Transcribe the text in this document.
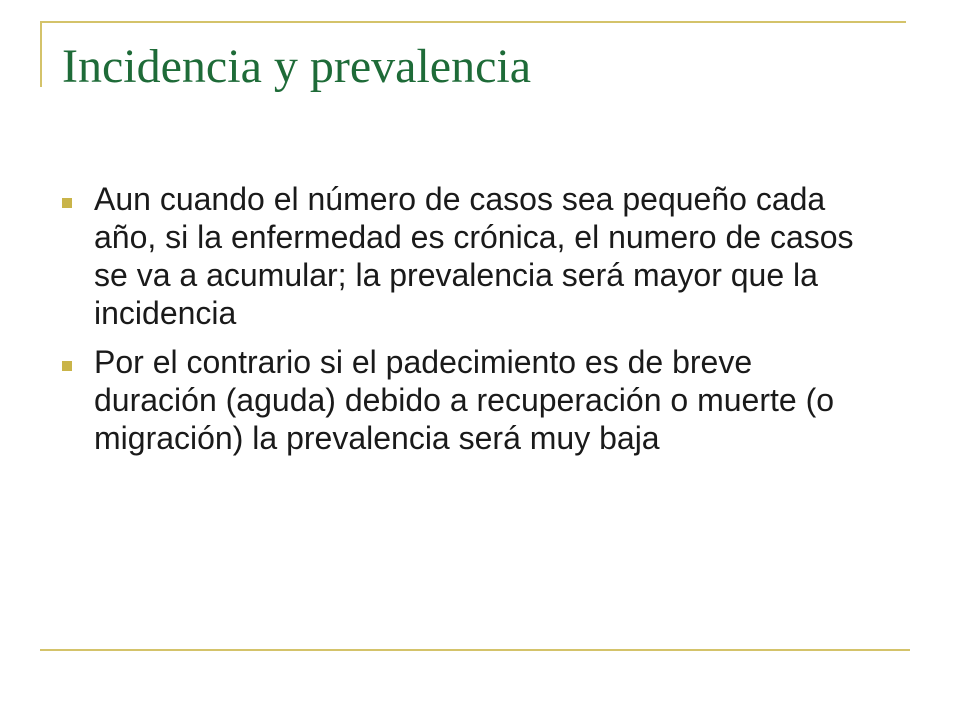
Incidencia y prevalencia
Aun cuando el número de casos sea pequeño cada año, si la enfermedad es crónica, el numero de casos se va a acumular; la prevalencia será mayor que la incidencia
Por el contrario si el padecimiento es de breve duración (aguda) debido a recuperación o muerte (o migración) la prevalencia será muy baja
